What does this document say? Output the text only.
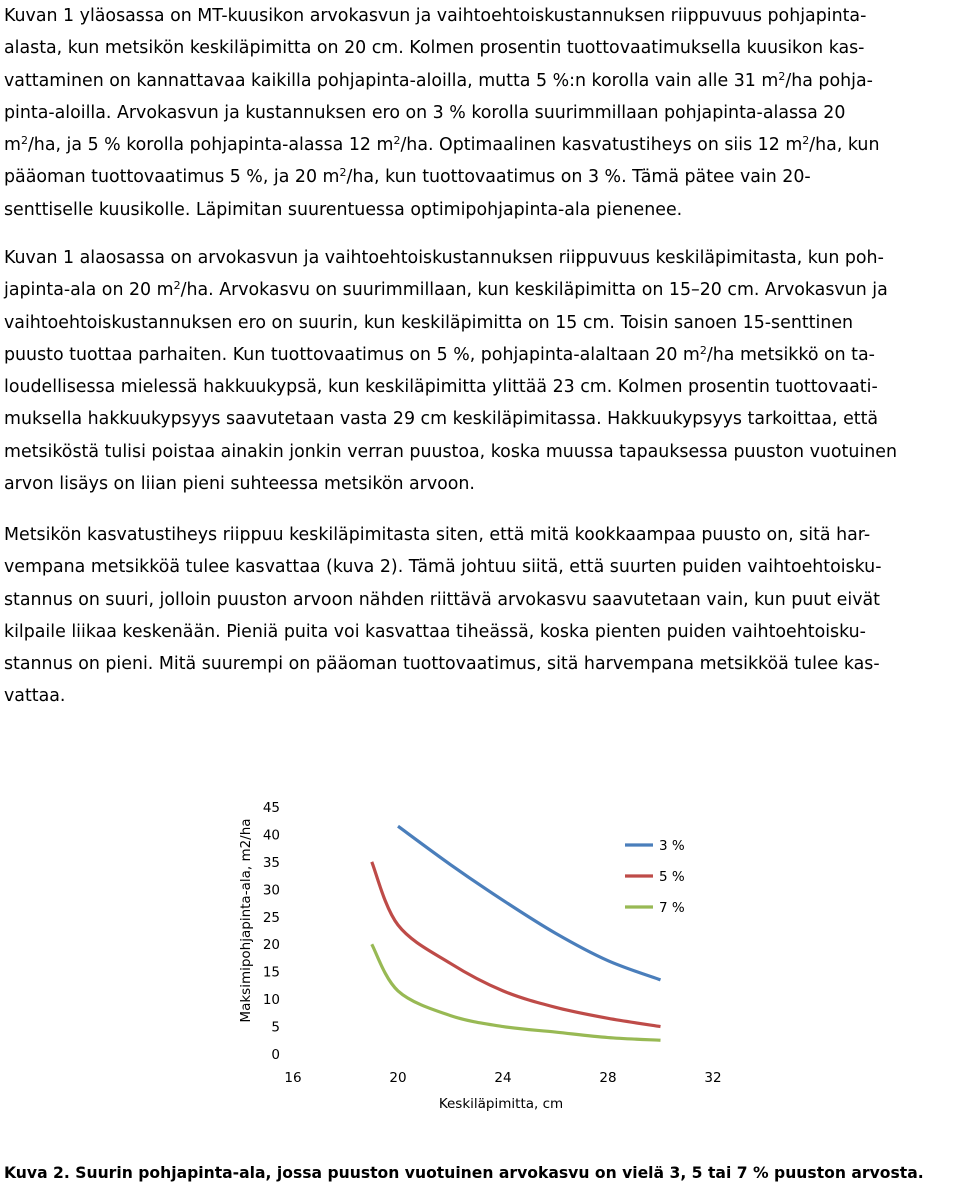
Kuvan 1 yläosassa on MT-kuusikon arvokasvun ja vaihtoehtoiskustannuksen riippuvuus pohjapinta-
alasta, kun metsikön keskiläpimitta on 20 cm. Kolmen prosentin tuottovaatimuksella kuusikon kas-
vattaminen on kannattavaa kaikilla pohjapinta-aloilla, mutta 5 %:n korolla vain alle 31 $m^2/ha$ pohja-
pinta-aloilla. Arvokasvun ja kustannuksen ero on 3 % korolla suurimmillaan pohjapinta-alassa 20
$m^2/ha$, ja 5 % korolla pohjapinta-alassa 12 $m^2/ha$. Optimaalinen kasvatustiheys on siis 12 $m^2/ha$, kun
pääoman tuottovaatimus 5 %, ja 20 $m^2/ha$, kun tuottovaatimus on 3 %. Tämä pätee vain 20-
senttiselle kuusikolle. Läpimitan suurentuessa optimipohjapinta-ala pienenee.
Kuvan 1 alaosassa on arvokasvun ja vaihtoehtoiskustannuksen riippuvuus keskiläpimitasta, kun poh-
japinta-ala on 20 $m^2/ha$. Arvokasvu on suurimmillaan, kun keskiläpimitta on 15–20 cm. Arvokasvun ja
vaihtoehtoiskustannuksen ero on suurin, kun keskiläpimitta on 15 cm. Toisin sanoen 15-senttinen
puusto tuottaa parhaiten. Kun tuottovaatimus on 5 %, pohjapinta-alaltaan 20 $m^2/ha$ metsikkö on ta-
loudellisessa mielessä hakkuukypsä, kun keskiläpimitta ylittää 23 cm. Kolmen prosentin tuottovaati-
muksella hakkuukypsyys saavutetaan vasta 29 cm keskiläpimitassa. Hakkuukypsyys tarkoittaa, että
metsiköstä tulisi poistaa ainakin jonkin verran puustoa, koska muussa tapauksessa puuston vuotuinen
arvon lisäys on liian pieni suhteessa metsikön arvoon.
Metsikön kasvatustiheys riippuu keskiläpimitasta siten, että mitä kookkaampaa puusto on, sitä har-
vempana metsikköä tulee kasvattaa (kuva 2). Tämä johtuu siitä, että suurten puiden vaihtoehtoisku-
stannus on suuri, jolloin puuston arvoon nähden riittävä arvokasvu saavutetaan vain, kun puut eivät
kilpaile liikaa keskenään. Pieniä puita voi kasvattaa tiheässä, koska pienten puiden vaihtoehtoisku-
stannus on pieni. Mitä suurempi on pääoman tuottovaatimus, sitä harvempana metsikköä tulee kas-
vattaa.
0
5
10
15
20
25
30
35
40
45
16	20	24	28	32
Keskiläpimitta, cm
Maksimipohjapinta-ala, m2/ha	3 %
5 %
7 %
Kuva 2. Suurin pohjapinta-ala, jossa puuston vuotuinen arvokasvu on vielä 3, 5 tai 7 % puuston arvosta.
